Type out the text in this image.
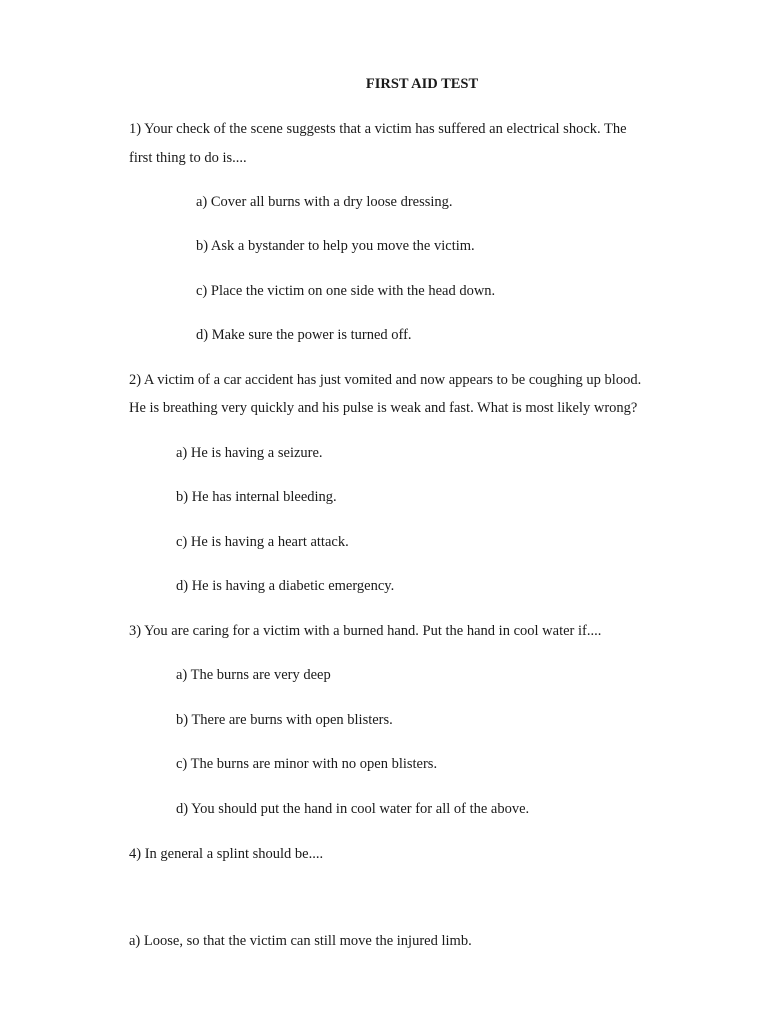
FIRST AID TEST
1) Your check of the scene suggests that a victim has suffered an electrical shock. The
first thing to do is....
a) Cover all burns with a dry loose dressing.
b) Ask a bystander to help you move the victim.
c) Place the victim on one side with the head down.
d) Make sure the power is turned off.
2) A victim of a car accident has just vomited and now appears to be coughing up blood.
He is breathing very quickly and his pulse is weak and fast. What is most likely wrong?
a) He is having a seizure.
b) He has internal bleeding.
c) He is having a heart attack.
d) He is having a diabetic emergency.
3) You are caring for a victim with a burned hand. Put the hand in cool water if....
a) The burns are very deep
b) There are burns with open blisters.
c) The burns are minor with no open blisters.
d) You should put the hand in cool water for all of the above.
4) In general a splint should be....
a) Loose, so that the victim can still move the injured limb.
